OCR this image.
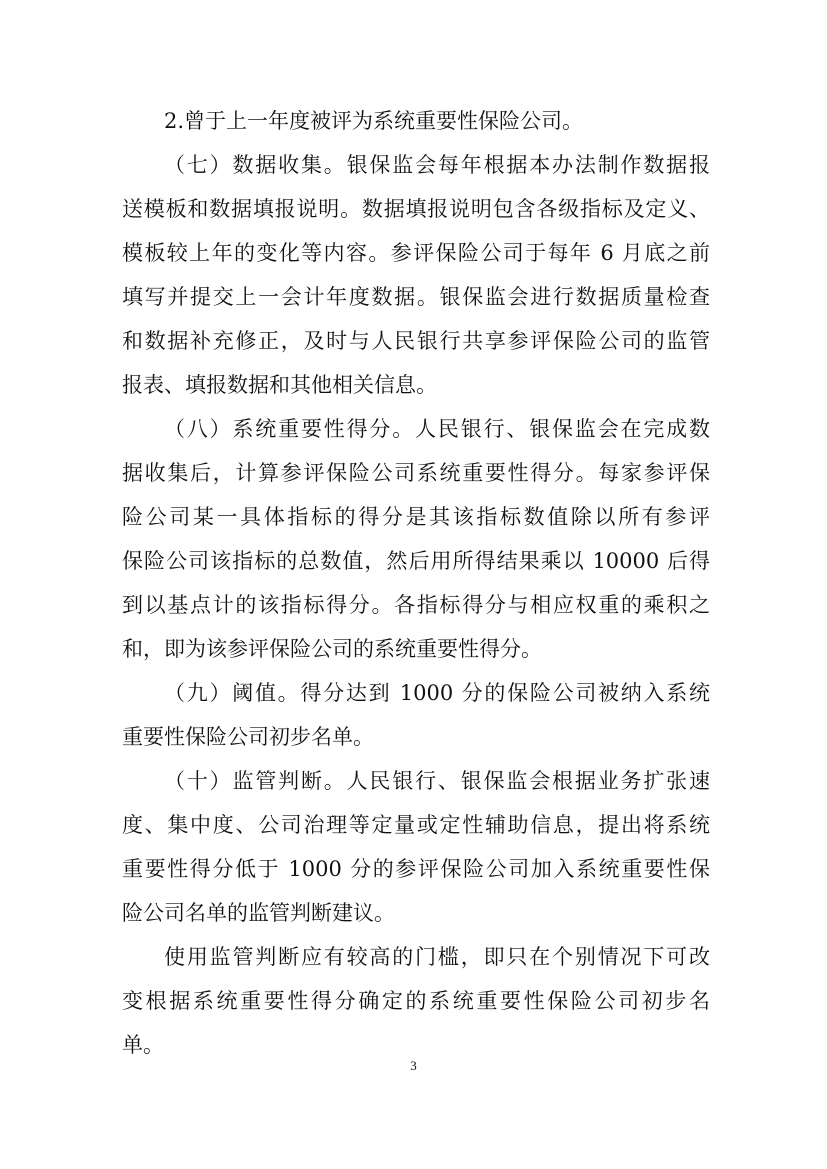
2.曾于上一年度被评为系统重要性保险公司。
（七）数据收集。银保监会每年根据本办法制作数据报
送模板和数据填报说明。数据填报说明包含各级指标及定义、
模板较上年的变化等内容。参评保险公司于每年 6 月底之前
填写并提交上一会计年度数据。银保监会进行数据质量检查
和数据补充修正，及时与人民银行共享参评保险公司的监管
报表、填报数据和其他相关信息。
（八）系统重要性得分。人民银行、银保监会在完成数
据收集后，计算参评保险公司系统重要性得分。每家参评保
险公司某一具体指标的得分是其该指标数值除以所有参评
保险公司该指标的总数值，然后用所得结果乘以 10000 后得
到以基点计的该指标得分。各指标得分与相应权重的乘积之
和，即为该参评保险公司的系统重要性得分。
（九）阈值。得分达到 1000 分的保险公司被纳入系统
重要性保险公司初步名单。
（十）监管判断。人民银行、银保监会根据业务扩张速
度、集中度、公司治理等定量或定性辅助信息，提出将系统
重要性得分低于 1000 分的参评保险公司加入系统重要性保
险公司名单的监管判断建议。
使用监管判断应有较高的门槛，即只在个别情况下可改
变根据系统重要性得分确定的系统重要性保险公司初步名
单。
3
